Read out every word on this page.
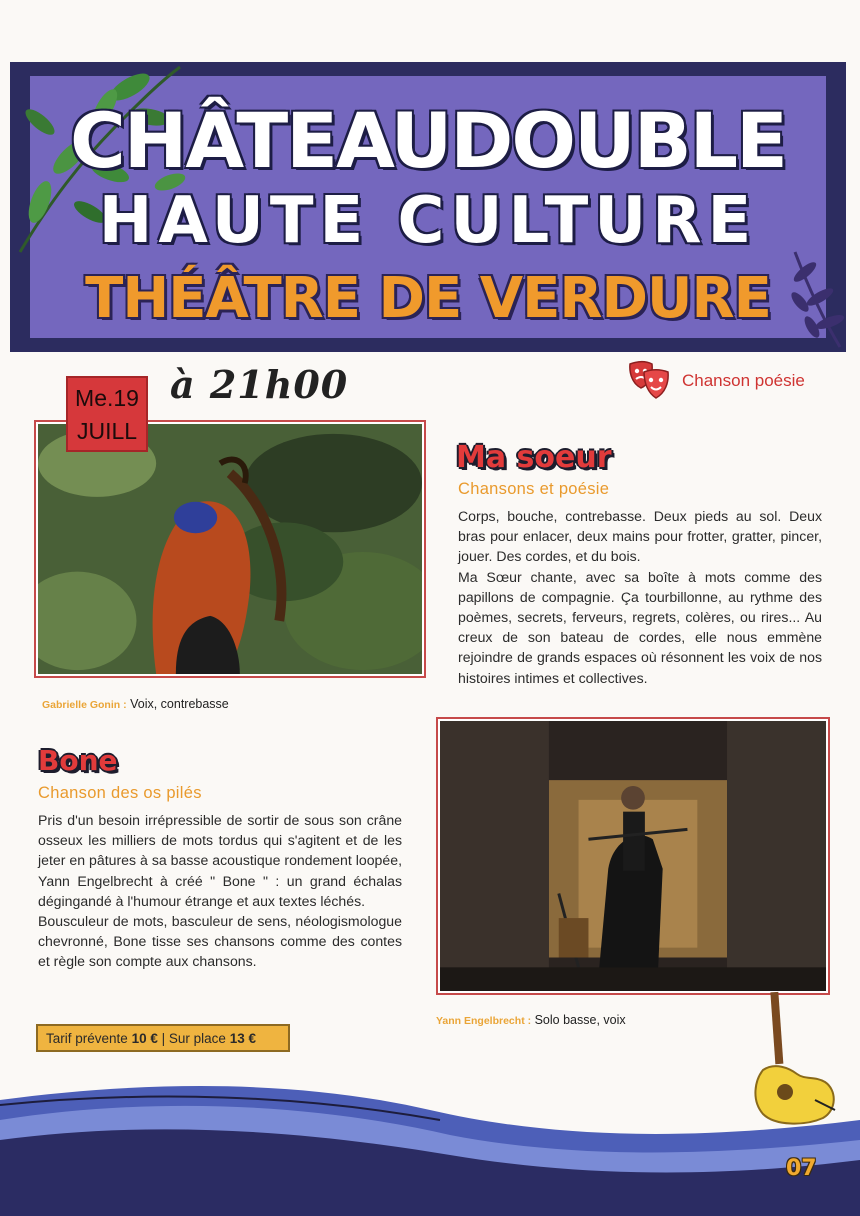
CHÂTEAUDOUBLE
HAUTE CULTURE
THÉÂTRE DE VERDURE
Me.19
JUILL
à 21h00	Chanson poésie
Gabrielle Gonin : Voix, contrebasse
Ma soeur
Chansons et poésie

Corps, bouche, contrebasse. Deux pieds au sol. Deux bras pour enlacer, deux mains pour frotter, gratter, pincer, jouer. Des cordes, et du bois.

Ma Sœur chante, avec sa boîte à mots comme des papillons de compagnie. Ça tourbillonne, au rythme des poèmes, secrets, ferveurs, regrets, colères, ou rires... Au creux de son bateau de cordes, elle nous emmène rejoindre de grands espaces où résonnent les voix de nos histoires intimes et collectives.

Bone
Chanson des os pilés

Pris d'un besoin irrépressible de sortir de sous son crâne osseux les milliers de mots tordus qui s'agitent et de les jeter en pâtures à sa basse acoustique rondement loopée, Yann Engelbrecht à créé " Bone " : un grand échalas dégingandé à l'humour étrange et aux textes léchés.

Bousculeur de mots, basculeur de sens, néologismologue chevronné, Bone tisse ses chansons comme des contes et règle son compte aux chansons.

Yann Engelbrecht : Solo basse, voix
Tarif prévente
10 €
|
Sur place
13 €
07
